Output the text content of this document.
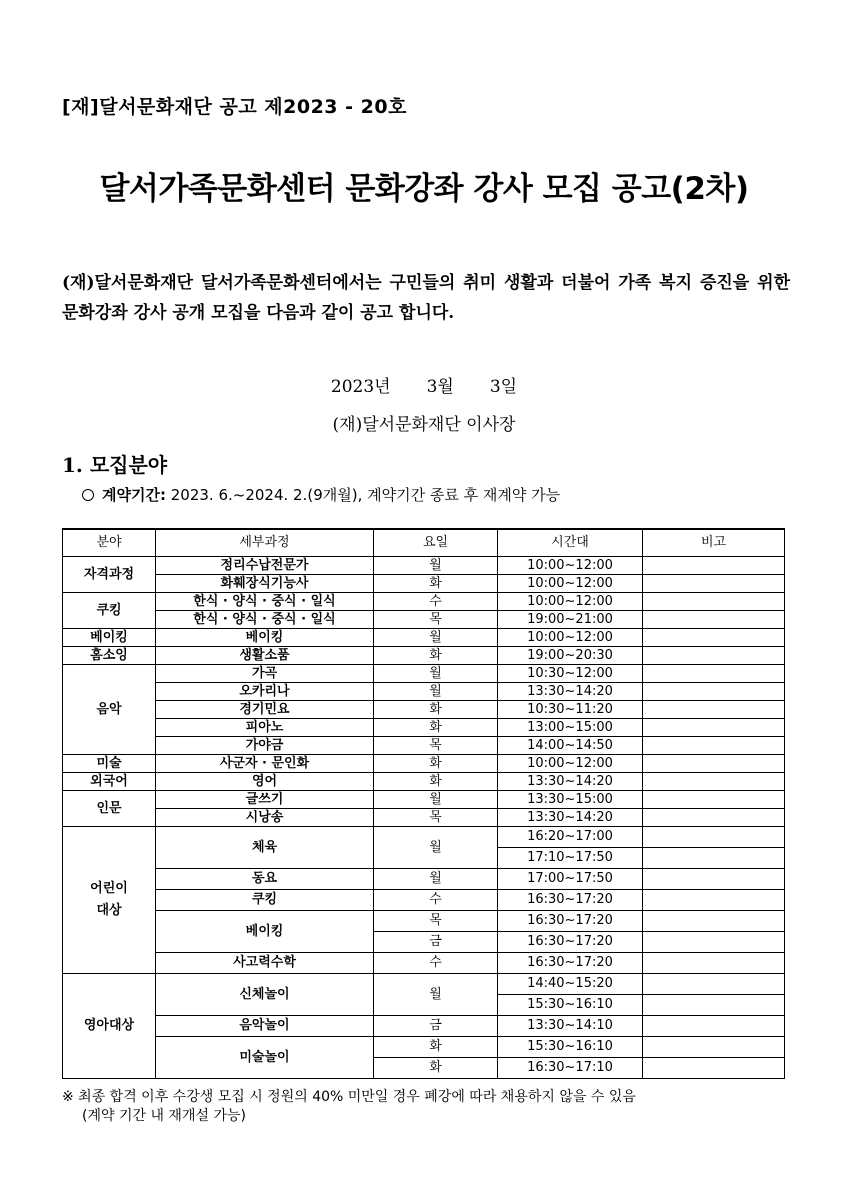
[재]달서문화재단 공고 제2023 - 20호
달서가족문화센터 문화강좌 강사 모집 공고(2차)
(재)달서문화재단 달서가족문화센터에서는 구민들의 취미 생활과 더불어 가족 복지 증진을 위한 문화강좌 강사 공개 모집을 다음과 같이 공고 합니다.
2023년 3월 3일
(재)달서문화재단 이사장
1. 모집분야
계약기간: 2023. 6.~2024. 2.(9개월), 계약기간 종료 후 재계약 가능
분야	세부과정	요일	시간대	비고
자격과정	정리수납전문가	월	10:00~12:00	
	화훼장식기능사	화	10:00~12:00	
쿠킹	한식 · 양식 · 중식 · 일식	수	10:00~12:00	
	한식 · 양식 · 중식 · 일식	목	19:00~21:00	
베이킹	베이킹	월	10:00~12:00	
홈소잉	생활소품	화	19:00~20:30	
음악	가곡	월	10:30~12:00	
	오카리나	월	13:30~14:20	
	경기민요	화	10:30~11:20	
	피아노	화	13:00~15:00	
	가야금	목	14:00~14:50	
미술	사군자 · 문인화	화	10:00~12:00	
외국어	영어	화	13:30~14:20	
인문	글쓰기	월	13:30~15:00	
	시낭송	목	13:30~14:20	
어린이
대상	체육	월	16:20~17:00	
			17:10~17:50	
	동요	월	17:00~17:50	
	쿠킹	수	16:30~17:20	
	베이킹	목	16:30~17:20	
		금	16:30~17:20	
	사고력수학	수	16:30~17:20	
영아대상	신체놀이	월	14:40~15:20	
			15:30~16:10	
	음악놀이	금	13:30~14:10	
	미술놀이	화	15:30~16:10	
		화	16:30~17:10	
※ 최종 합격 이후 수강생 모집 시 정원의 40% 미만일 경우 폐강에 따라 채용하지 않을 수 있음
(계약 기간 내 재개설 가능)
